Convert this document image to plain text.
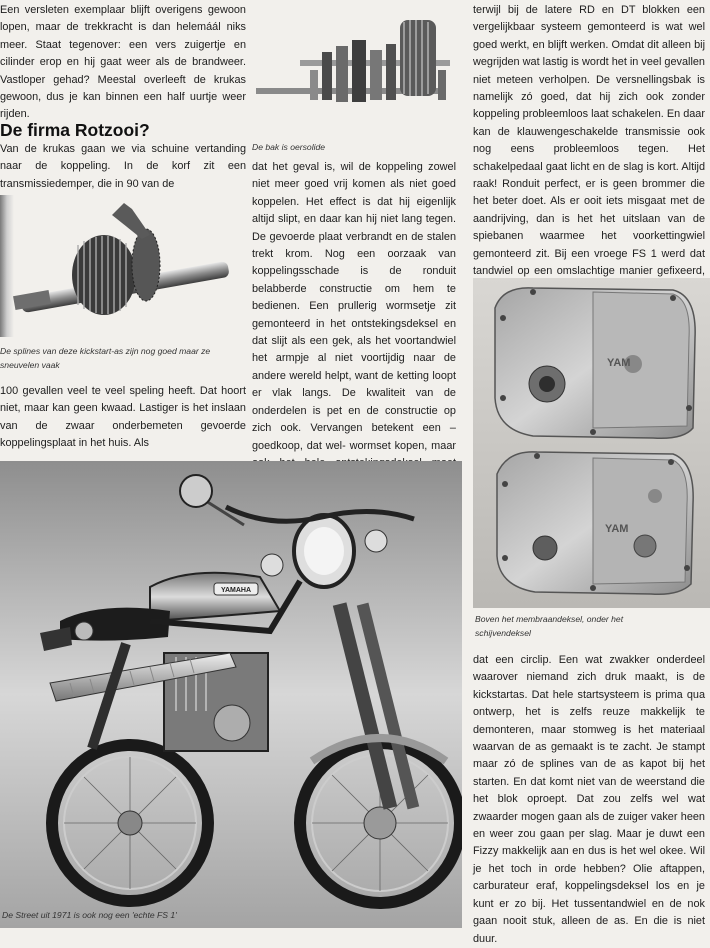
Een versleten exemplaar blijft overigens gewoon lopen, maar de trekkracht is dan helemáál niks meer. Staat tegenover: een vers zuigertje en cilinder erop en hij gaat weer als de brandweer. Vastloper gehad? Meestal overleeft de krukas gewoon, dus je kan binnen een half uurtje weer rijden.

De firma Rotzooi?

Van de krukas gaan we via schuine vertanding naar de koppeling. In de korf zit een transmissiedemper, die in 90 van de

De splines van deze kickstart-as zijn nog goed maar ze sneuvelen vaak

100 gevallen veel te veel speling heeft. Dat hoort niet, maar kan geen kwaad. Lastiger is het inslaan van de zwaar onderbemeten gevoerde koppelingsplaat in het huis. Als

De bak is oersolide

dat het geval is, wil de koppeling zowel niet meer goed vrij komen als niet goed koppelen. Het effect is dat hij eigenlijk altijd slipt, en daar kan hij niet lang tegen. De gevoerde plaat verbrandt en de stalen trekt krom. Nog een oorzaak van koppelingsschade is de ronduit belabberde constructie om hem te bedienen. Een prullerig wormsetje zit gemonteerd in het ontstekingsdeksel en dat slijt als een gek, als het voortandwiel het armpje al niet voortijdig naar de andere wereld helpt, want de ketting loopt er vlak langs. De kwaliteit van de onderdelen is pet en de constructie op zich ook. Vervangen betekent een – goedkoop, dat wel- wormset kopen, maar

terwijl bij de latere RD en DT blokken een vergelijkbaar systeem gemonteerd is wat wel goed werkt, en blijft werken. Omdat dit alleen bij wegrijden wat lastig is wordt het in veel gevallen niet meteen verholpen. De versnellingsbak is namelijk zó goed, dat hij zich ook zonder koppeling probleemloos laat schakelen. En daar kan de klauwengeschakelde transmissie ook nog eens probleemloos tegen. Het schakelpedaal gaat licht en de slag is kort. Altijd raak! Ronduit perfect, er is geen brommer die het beter doet. Als er ooit iets misgaat met de aandrijving, dan is het het uitslaan van de spiebanen waarmee het voorkettingwiel gemonteerd zit. Bij een vroege FS 1 werd dat tandwiel op een omslachtige manier gefixeerd,

YAM
YAM
Boven het membraandeksel, onder het schijvendeksel

dat een circlip. Een wat zwakker onderdeel waarover niemand zich druk maakt, is de kickstartas. Dat hele startsysteem is prima qua ontwerp, het is zelfs reuze makkelijk te demonteren, maar stomweg is het materiaal waarvan de as gemaakt is te zacht. Je stampt maar zó de splines van de as kapot bij het starten. En dat komt niet van de weerstand die het blok oproept. Dat zou zelfs wel wat zwaarder mogen gaan als de zuiger vaker heen en weer zou gaan per slag. Maar je duwt een Fizzy makkelijk aan en dus is het wel okee. Wil je het toch in orde hebben? Olie aftappen, carburateur eraf, koppelingsdeksel los en je kunt er zo bij. Het tussentandwiel en de nok gaan nooit stuk, alleen de as. En die is niet duur.

YAMAHA
De Street uit 1971 is ook nog een 'echte FS 1'
